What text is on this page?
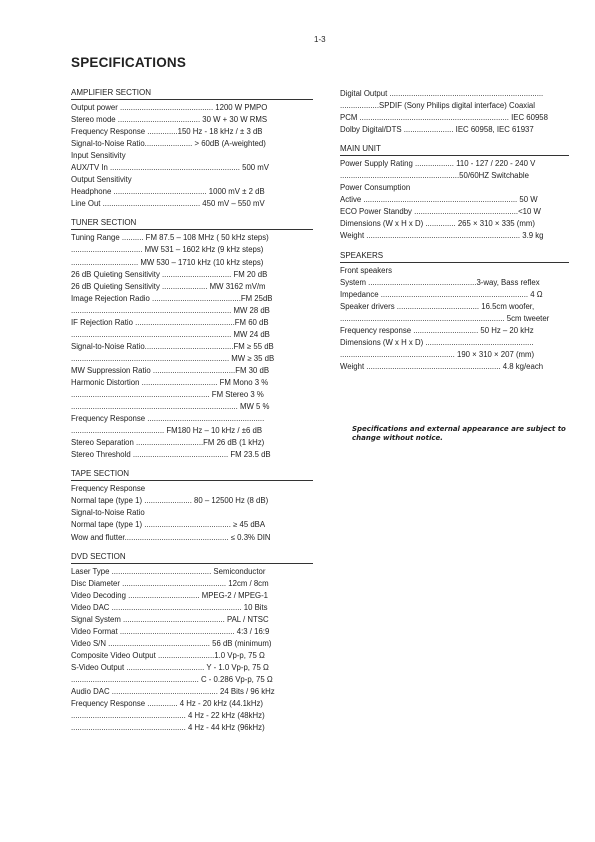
1-3
SPECIFICATIONS
AMPLIFIER SECTION
Output power ........................................... 1200 W PMPO
Stereo mode ...................................... 30 W + 30 W RMS
Frequency Response ..............150 Hz - 18 kHz / ± 3 dB
Signal-to-Noise Ratio...................... > 60dB (A-weighted)
Input Sensitivity
AUX/TV In ............................................................ 500 mV
Output Sensitivity
Headphone ........................................... 1000 mV ± 2 dB
Line Out ............................................. 450 mV – 550 mV
TUNER SECTION
Tuning Range .......... FM 87.5 – 108 MHz ( 50 kHz steps)
................................. MW 531 – 1602 kHz (9 kHz steps)
............................... MW 530 – 1710 kHz (10 kHz steps)
26 dB Quieting Sensitivity ................................ FM 20 dB
26 dB Quieting Sensitivity ..................... MW 3162 mV/m
Image Rejection Radio .........................................FM 25dB
.......................................................................... MW 28 dB
IF Rejection Ratio ..............................................FM 60 dB
.......................................................................... MW 24 dB
Signal-to-Noise Ratio.........................................FM ≥ 55 dB
......................................................................... MW ≥ 35 dB
MW Suppression Ratio ......................................FM 30 dB
Harmonic Distortion ................................... FM Mono 3 %
................................................................ FM Stereo 3 %
............................................................................. MW 5 %
Frequency Response ......................................................
........................................... FM180 Hz – 10 kHz / ±6 dB
Stereo Separation ...............................FM 26 dB (1 kHz)
Stereo Threshold ............................................ FM 23.5 dB
TAPE SECTION
Frequency Response
Normal tape (type 1) ...................... 80 – 12500 Hz (8 dB)
Signal-to-Noise Ratio
Normal tape (type 1) ........................................ ≥ 45 dBA
Wow and flutter................................................ ≤ 0.3% DIN
DVD SECTION
Laser Type .............................................. Semiconductor
Disc Diameter ................................................ 12cm / 8cm
Video Decoding ................................. MPEG-2 / MPEG-1
Video DAC ............................................................ 10 Bits
Signal System ............................................... PAL / NTSC
Video Format ..................................................... 4:3 / 16:9
Video S/N ............................................... 56 dB (minimum)
Composite Video Output ..........................1.0 Vp-p, 75 Ω
S-Video Output .................................... Y - 1.0 Vp-p, 75 Ω
........................................................... C - 0.286 Vp-p, 75 Ω
Audio DAC ................................................. 24 Bits / 96 kHz
Frequency Response .............. 4 Hz - 20 kHz (44.1kHz)
..................................................... 4 Hz - 22 kHz (48kHz)
..................................................... 4 Hz - 44 kHz (96kHz)
Digital Output .......................................................................
..................SPDIF (Sony Philips digital interface) Coaxial
PCM ..................................................................... IEC 60958
Dolby Digital/DTS ....................... IEC 60958, IEC 61937
MAIN UNIT
Power Supply Rating .................. 110 - 127 / 220 - 240 V
.......................................................50/60HZ Switchable
Power Consumption
Active ....................................................................... 50 W
ECO Power Standby ................................................<10 W
Dimensions (W x H x D) .............. 265 × 310 × 335 (mm)
Weight ....................................................................... 3.9 kg
SPEAKERS
Front speakers
System ..................................................3-way, Bass reflex
Impedance .................................................................... 4 Ω
Speaker drivers ...................................... 16.5cm woofer,
............................................................................ 5cm tweeter
Frequency response .............................. 50 Hz – 20 kHz
Dimensions (W x H x D) ..................................................
..................................................... 190 × 310 × 207 (mm)
Weight .............................................................. 4.8 kg/each
Specifications and external appearance are subject to change without notice.
